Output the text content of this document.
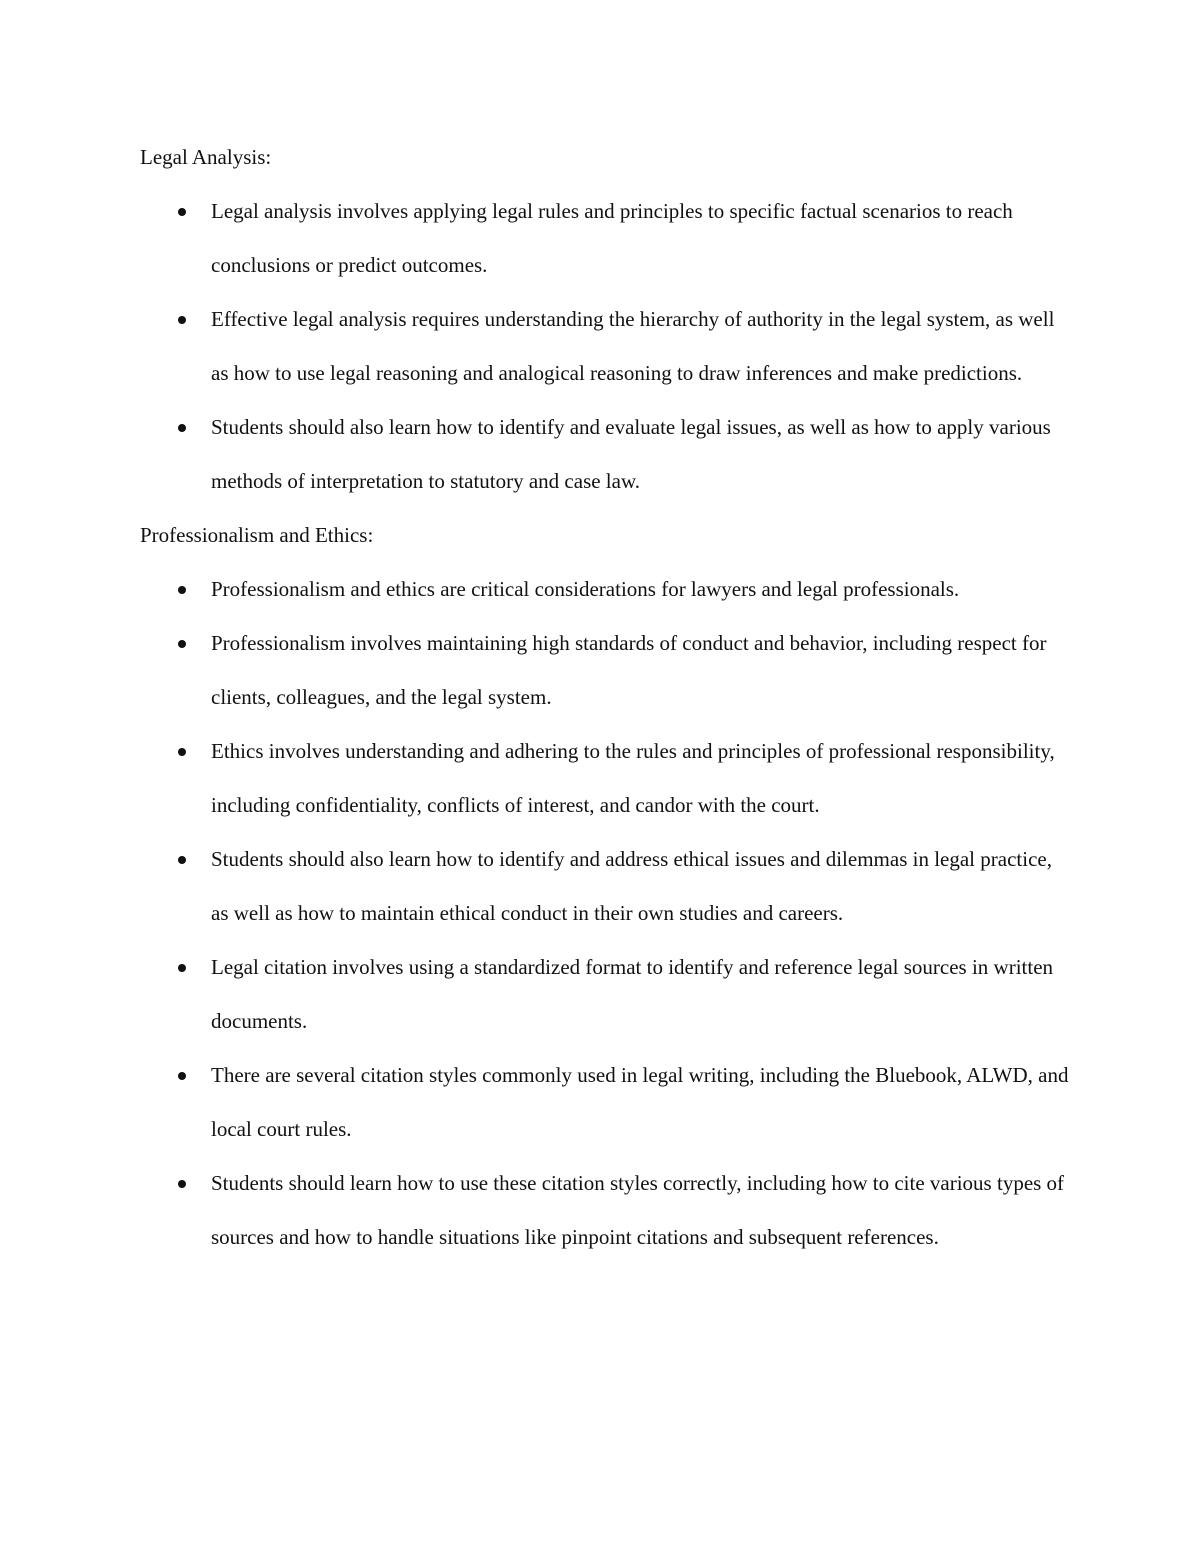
Legal Analysis:

Legal analysis involves applying legal rules and principles to specific factual scenarios to reach conclusions or predict outcomes.
Effective legal analysis requires understanding the hierarchy of authority in the legal system, as well as how to use legal reasoning and analogical reasoning to draw inferences and make predictions.
Students should also learn how to identify and evaluate legal issues, as well as how to apply various methods of interpretation to statutory and case law.

Professionalism and Ethics:

Professionalism and ethics are critical considerations for lawyers and legal professionals.
Professionalism involves maintaining high standards of conduct and behavior, including respect for clients, colleagues, and the legal system.
Ethics involves understanding and adhering to the rules and principles of professional responsibility, including confidentiality, conflicts of interest, and candor with the court.
Students should also learn how to identify and address ethical issues and dilemmas in legal practice, as well as how to maintain ethical conduct in their own studies and careers.
Legal citation involves using a standardized format to identify and reference legal sources in written documents.
There are several citation styles commonly used in legal writing, including the Bluebook, ALWD, and local court rules.
Students should learn how to use these citation styles correctly, including how to cite various types of sources and how to handle situations like pinpoint citations and subsequent references.
